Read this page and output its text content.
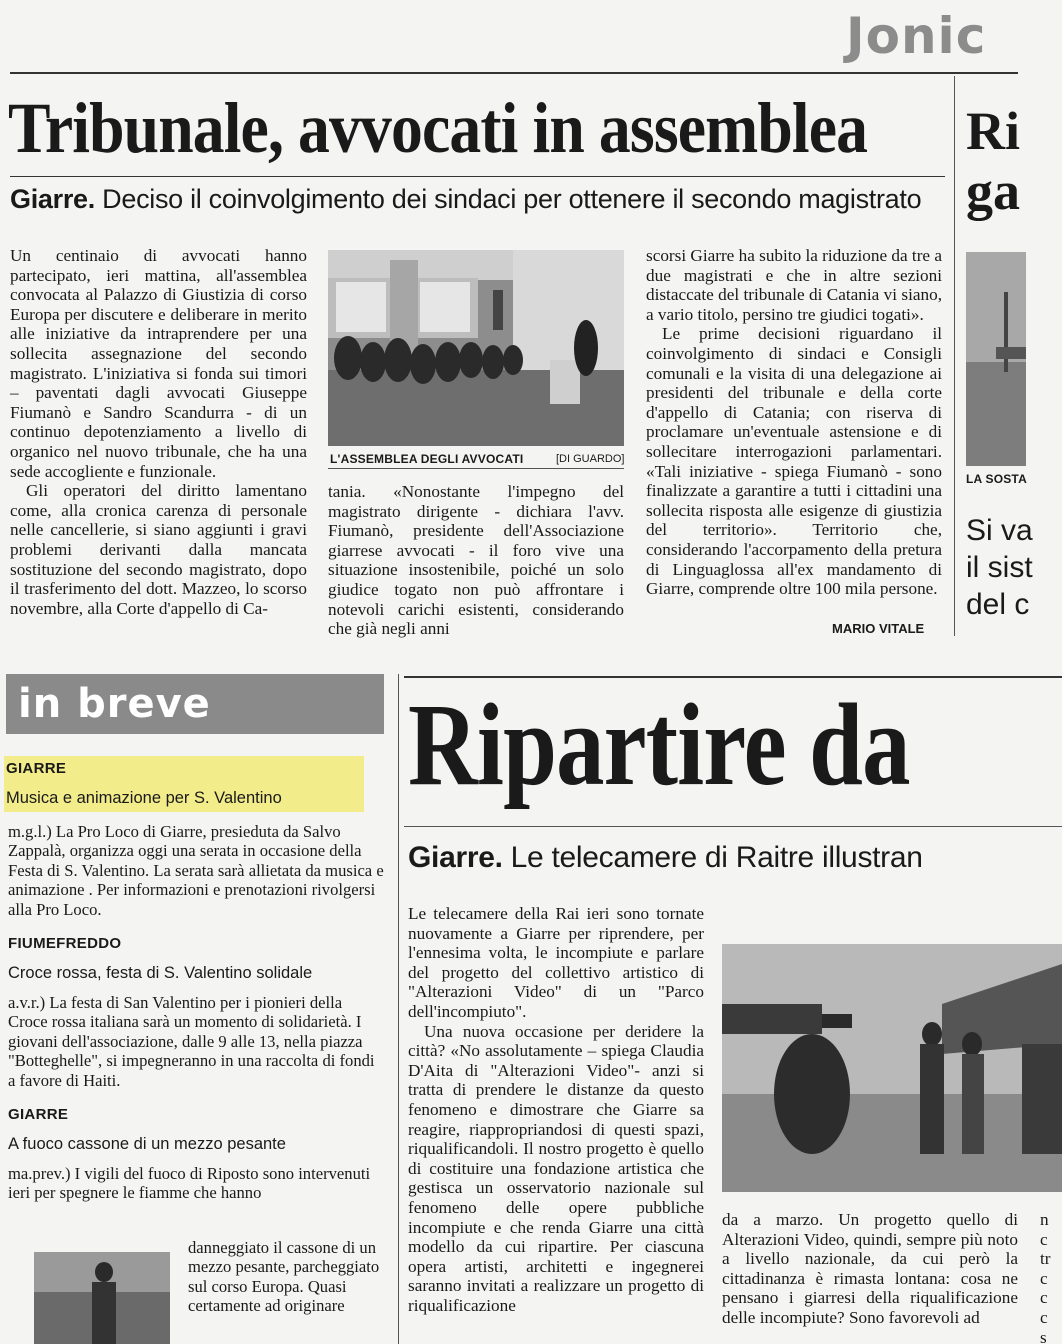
Jonic
Tribunale, avvocati in assemblea
Giarre. Deciso il coinvolgimento dei sindaci per ottenere il secondo magistrato

Un centinaio di avvocati hanno partecipato, ieri mattina, all'assemblea convocata al Palazzo di Giustizia di corso Europa per discutere e deliberare in merito alle iniziative da intraprendere per una sollecita assegnazione del secondo magistrato. L'iniziativa si fonda sui timori – paventati dagli avvocati Giuseppe Fiumanò e Sandro Scandurra - di un continuo depotenziamento a livello di organico nel nuovo tribunale, che ha una sede accogliente e funzionale.

Gli operatori del diritto lamentano come, alla cronica carenza di personale nelle cancellerie, si siano aggiunti i gravi problemi derivanti dalla mancata sostituzione del secondo magistrato, dopo il trasferimento del dott. Mazzeo, lo scorso novembre, alla Corte d'appello di Ca-

L'ASSEMBLEA DEGLI AVVOCATI	[DI GUARDO]

tania. «Nonostante l'impegno del magistrato dirigente - dichiara l'avv. Fiumanò, presidente dell'Associazione giarrese avvocati - il foro vive una situazione insostenibile, poiché un solo giudice togato non può affrontare i notevoli carichi esistenti, considerando che già negli anni

scorsi Giarre ha subito la riduzione da tre a due magistrati e che in altre sezioni distaccate del tribunale di Catania vi siano, a vario titolo, persino tre giudici togati».

Le prime decisioni riguardano il coinvolgimento di sindaci e Consigli comunali e la visita di una delegazione ai presidenti del tribunale e della corte d'appello di Catania; con riserva di proclamare un'eventuale astensione e di sollecitare interrogazioni parlamentari. «Tali iniziative - spiega Fiumanò - sono finalizzate a garantire a tutti i cittadini una sollecita risposta alle esigenze di giustizia del territorio». Territorio che, considerando l'accorpamento della pretura di Linguaglossa all'ex mandamento di Giarre, comprende oltre 100 mila persone.

MARIO VITALE
Ri
ga
LA SOSTA
Si va
il sist
del c
in breve
GIARRE
Musica e animazione per S. Valentino
m.g.l.) La Pro Loco di Giarre, presieduta da Salvo Zappalà, organizza oggi una serata in occasione della Festa di S. Valentino. La serata sarà allietata da musica e animazione . Per informazioni e prenotazioni rivolgersi alla Pro Loco.
FIUMEFREDDO
Croce rossa, festa di S. Valentino solidale
a.v.r.) La festa di San Valentino per i pionieri della Croce rossa italiana sarà un momento di solidarietà. I giovani dell'associazione, dalle 9 alle 13, nella piazza "Botteghelle", si impegneranno in una raccolta di fondi a favore di Haiti.
GIARRE
A fuoco cassone di un mezzo pesante
ma.prev.) I vigili del fuoco di Riposto sono intervenuti ieri per spegnere le fiamme che hanno
danneggiato il cassone di un mezzo pesante, parcheggiato sul corso Europa. Quasi certamente ad originare
Ripartire da
Giarre. Le telecamere di Raitre illustran

Le telecamere della Rai ieri sono tornate nuovamente a Giarre per riprendere, per l'ennesima volta, le incompiute e parlare del progetto del collettivo artistico di "Alterazioni Video" di un "Parco dell'incompiuto".

Una nuova occasione per deridere la città? «No assolutamente – spiega Claudia D'Aita di "Alterazioni Video"- anzi si tratta di prendere le distanze da questo fenomeno e dimostrare che Giarre sa reagire, riappropriandosi di questi spazi, riqualificandoli. Il nostro progetto è quello di costituire una fondazione artistica che gestisca un osservatorio nazionale sul fenomeno delle opere pubbliche incompiute e che renda Giarre una città modello da cui ripartire. Per ciascuna opera artisti, architetti e ingegnerei saranno invitati a realizzare un progetto di riqualificazione

da a marzo. Un progetto quello di Alterazioni Video, quindi, sempre più noto a livello nazionale, da cui però la cittadinanza è rimasta lontana: cosa ne pensano i giarresi della riqualificazione delle incompiute? Sono favorevoli ad

n c tr c cc s
